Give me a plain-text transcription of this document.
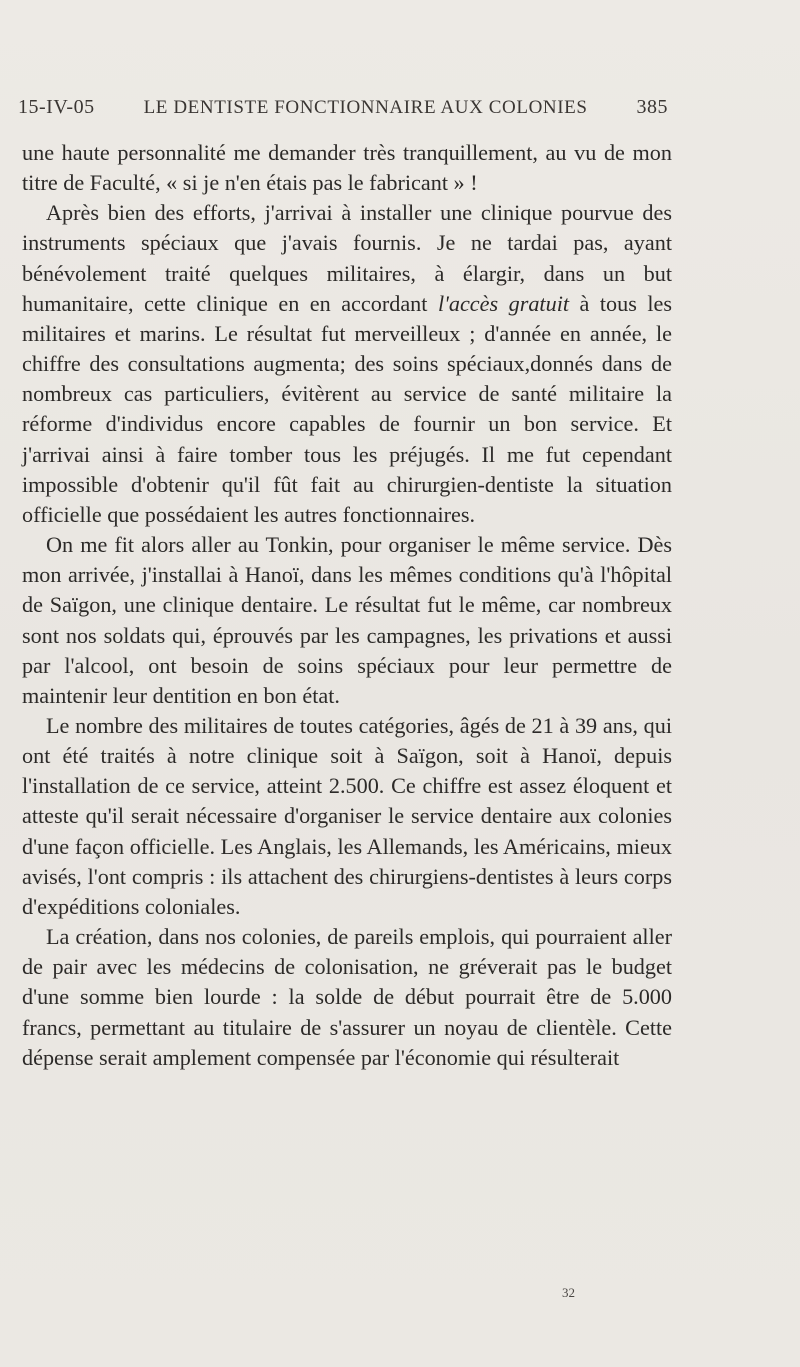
15-IV-05	LE DENTISTE FONCTIONNAIRE AUX COLONIES 385

une haute personnalité me demander très tranquillement, au vu de mon titre de Faculté, « si je n'en étais pas le fabricant » !

Après bien des efforts, j'arrivai à installer une clinique pourvue des instruments spéciaux que j'avais fournis. Je ne tardai pas, ayant bénévolement traité quelques militaires, à élargir, dans un but humanitaire, cette clinique en en accordant l'accès gratuit à tous les militaires et marins. Le résultat fut merveilleux ; d'année en année, le chiffre des consultations augmenta; des soins spéciaux,donnés dans de nombreux cas particuliers, évitèrent au service de santé militaire la réforme d'individus encore capables de fournir un bon service. Et j'arrivai ainsi à faire tomber tous les préjugés. Il me fut cependant impossible d'obtenir qu'il fût fait au chirurgien-dentiste la situation officielle que possédaient les autres fonctionnaires.

On me fit alors aller au Tonkin, pour organiser le même service. Dès mon arrivée, j'installai à Hanoï, dans les mêmes conditions qu'à l'hôpital de Saïgon, une clinique dentaire. Le résultat fut le même, car nombreux sont nos soldats qui, éprouvés par les campagnes, les privations et aussi par l'alcool, ont besoin de soins spéciaux pour leur permettre de maintenir leur dentition en bon état.

Le nombre des militaires de toutes catégories, âgés de 21 à 39 ans, qui ont été traités à notre clinique soit à Saïgon, soit à Hanoï, depuis l'installation de ce service, atteint 2.500. Ce chiffre est assez éloquent et atteste qu'il serait nécessaire d'organiser le service dentaire aux colonies d'une façon officielle. Les Anglais, les Allemands, les Américains, mieux avisés, l'ont compris : ils attachent des chirurgiens-dentistes à leurs corps d'expéditions coloniales.

La création, dans nos colonies, de pareils emplois, qui pourraient aller de pair avec les médecins de colonisation, ne gréverait pas le budget d'une somme bien lourde : la solde de début pourrait être de 5.000 francs, permettant au titulaire de s'assurer un noyau de clientèle. Cette dépense serait amplement compensée par l'économie qui résulterait

32
